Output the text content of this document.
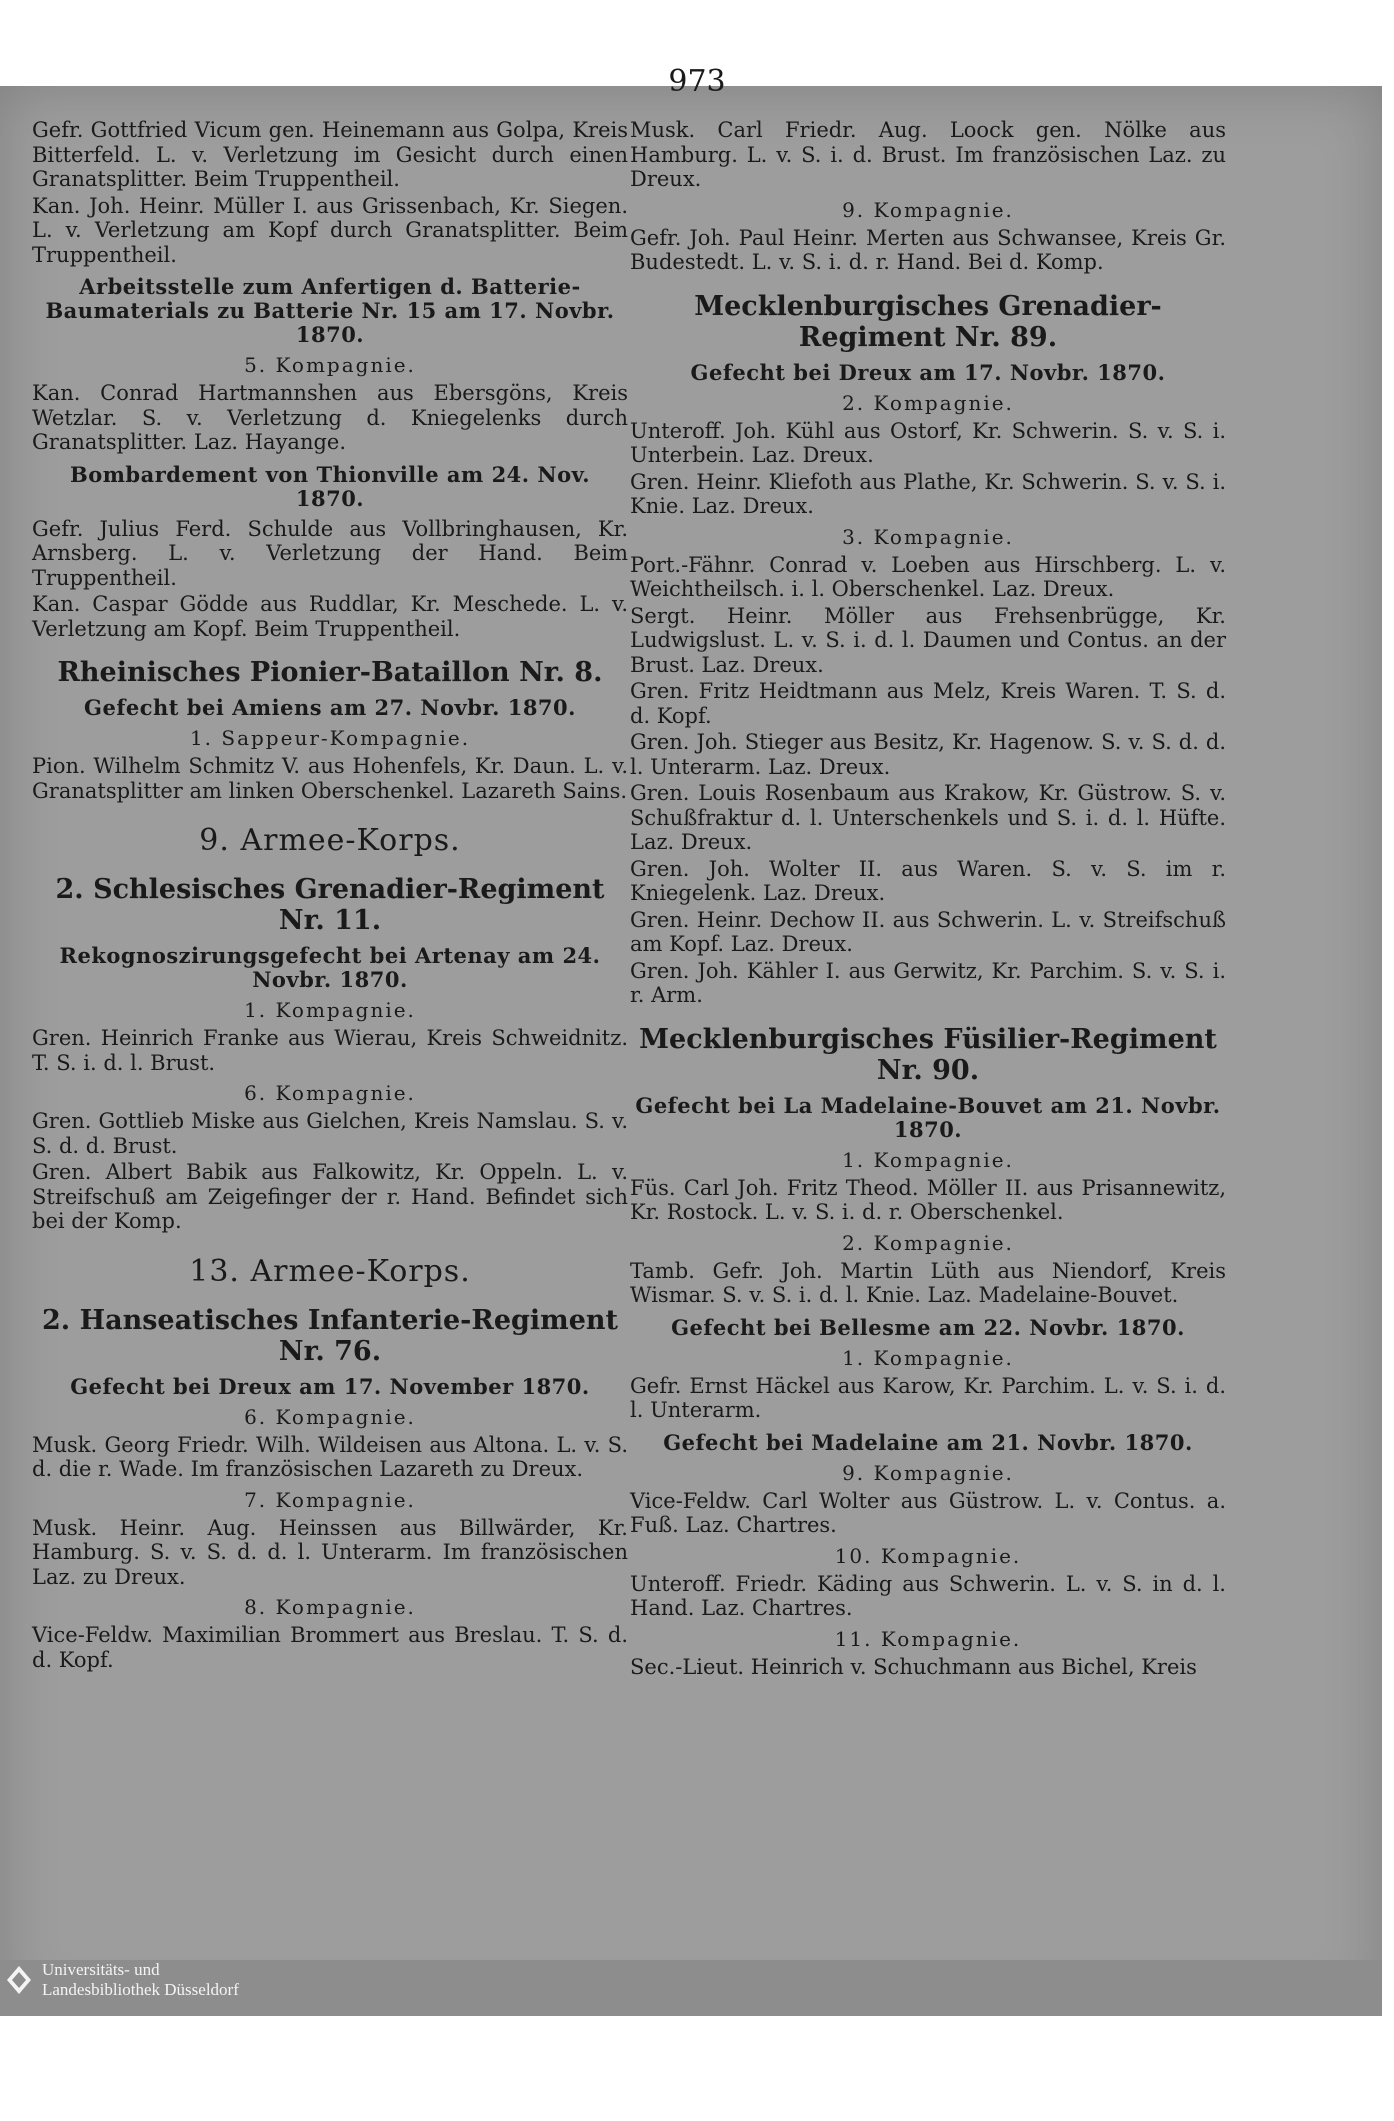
973
Gefr. Gottfried Vicum gen. Heinemann aus Golpa, Kreis Bitterfeld. L. v. Verletzung im Gesicht durch einen Granatsplitter. Beim Truppentheil.
Kan. Joh. Heinr. Müller I. aus Grissenbach, Kr. Siegen. L. v. Verletzung am Kopf durch Granatsplitter. Beim Truppentheil.
Arbeitsstelle zum Anfertigen d. Batterie-Baumaterials zu Batterie Nr. 15 am 17. Novbr. 1870.
5. Kompagnie.
Kan. Conrad Hartmannshen aus Ebersgöns, Kreis Wetzlar. S. v. Verletzung d. Kniegelenks durch Granatsplitter. Laz. Hayange.
Bombardement von Thionville am 24. Nov. 1870.
Gefr. Julius Ferd. Schulde aus Vollbringhausen, Kr. Arnsberg. L. v. Verletzung der Hand. Beim Truppentheil.
Kan. Caspar Gödde aus Ruddlar, Kr. Meschede. L. v. Verletzung am Kopf. Beim Truppentheil.
Rheinisches Pionier-Bataillon Nr. 8.
Gefecht bei Amiens am 27. Novbr. 1870.
1. Sappeur-Kompagnie.
Pion. Wilhelm Schmitz V. aus Hohenfels, Kr. Daun. L. v. Granatsplitter am linken Oberschenkel. Lazareth Sains.
9. Armee-Korps.
2. Schlesisches Grenadier-Regiment Nr. 11.
Rekognoszirungsgefecht bei Artenay am 24. Novbr. 1870.
1. Kompagnie.
Gren. Heinrich Franke aus Wierau, Kreis Schweidnitz. T. S. i. d. l. Brust.
6. Kompagnie.
Gren. Gottlieb Miske aus Gielchen, Kreis Namslau. S. v. S. d. d. Brust.
Gren. Albert Babik aus Falkowitz, Kr. Oppeln. L. v. Streifschuß am Zeigefinger der r. Hand. Befindet sich bei der Komp.
13. Armee-Korps.
2. Hanseatisches Infanterie-Regiment Nr. 76.
Gefecht bei Dreux am 17. November 1870.
6. Kompagnie.
Musk. Georg Friedr. Wilh. Wildeisen aus Altona. L. v. S. d. die r. Wade. Im französischen Lazareth zu Dreux.
7. Kompagnie.
Musk. Heinr. Aug. Heinssen aus Billwärder, Kr. Hamburg. S. v. S. d. d. l. Unterarm. Im französischen Laz. zu Dreux.
8. Kompagnie.
Vice-Feldw. Maximilian Brommert aus Breslau. T. S. d. d. Kopf.
Musk. Carl Friedr. Aug. Loock gen. Nölke aus Hamburg. L. v. S. i. d. Brust. Im französischen Laz. zu Dreux.
9. Kompagnie.
Gefr. Joh. Paul Heinr. Merten aus Schwansee, Kreis Gr. Budestedt. L. v. S. i. d. r. Hand. Bei d. Komp.
Mecklenburgisches Grenadier-Regiment Nr. 89.
Gefecht bei Dreux am 17. Novbr. 1870.
2. Kompagnie.
Unteroff. Joh. Kühl aus Ostorf, Kr. Schwerin. S. v. S. i. Unterbein. Laz. Dreux.
Gren. Heinr. Kliefoth aus Plathe, Kr. Schwerin. S. v. S. i. Knie. Laz. Dreux.
3. Kompagnie.
Port.-Fähnr. Conrad v. Loeben aus Hirschberg. L. v. Weichtheilsch. i. l. Oberschenkel. Laz. Dreux.
Sergt. Heinr. Möller aus Frehsenbrügge, Kr. Ludwigslust. L. v. S. i. d. l. Daumen und Contus. an der Brust. Laz. Dreux.
Gren. Fritz Heidtmann aus Melz, Kreis Waren. T. S. d. d. Kopf.
Gren. Joh. Stieger aus Besitz, Kr. Hagenow. S. v. S. d. d. l. Unterarm. Laz. Dreux.
Gren. Louis Rosenbaum aus Krakow, Kr. Güstrow. S. v. Schußfraktur d. l. Unterschenkels und S. i. d. l. Hüfte. Laz. Dreux.
Gren. Joh. Wolter II. aus Waren. S. v. S. im r. Kniegelenk. Laz. Dreux.
Gren. Heinr. Dechow II. aus Schwerin. L. v. Streifschuß am Kopf. Laz. Dreux.
Gren. Joh. Kähler I. aus Gerwitz, Kr. Parchim. S. v. S. i. r. Arm.
Mecklenburgisches Füsilier-Regiment Nr. 90.
Gefecht bei La Madelaine-Bouvet am 21. Novbr. 1870.
1. Kompagnie.
Füs. Carl Joh. Fritz Theod. Möller II. aus Prisannewitz, Kr. Rostock. L. v. S. i. d. r. Oberschenkel.
2. Kompagnie.
Tamb. Gefr. Joh. Martin Lüth aus Niendorf, Kreis Wismar. S. v. S. i. d. l. Knie. Laz. Madelaine-Bouvet.
Gefecht bei Bellesme am 22. Novbr. 1870.
1. Kompagnie.
Gefr. Ernst Häckel aus Karow, Kr. Parchim. L. v. S. i. d. l. Unterarm.
Gefecht bei Madelaine am 21. Novbr. 1870.
9. Kompagnie.
Vice-Feldw. Carl Wolter aus Güstrow. L. v. Contus. a. Fuß. Laz. Chartres.
10. Kompagnie.
Unteroff. Friedr. Käding aus Schwerin. L. v. S. in d. l. Hand. Laz. Chartres.
11. Kompagnie.
Sec.-Lieut. Heinrich v. Schuchmann aus Bichel, Kreis
Universitäts- und
Landesbibliothek Düsseldorf
